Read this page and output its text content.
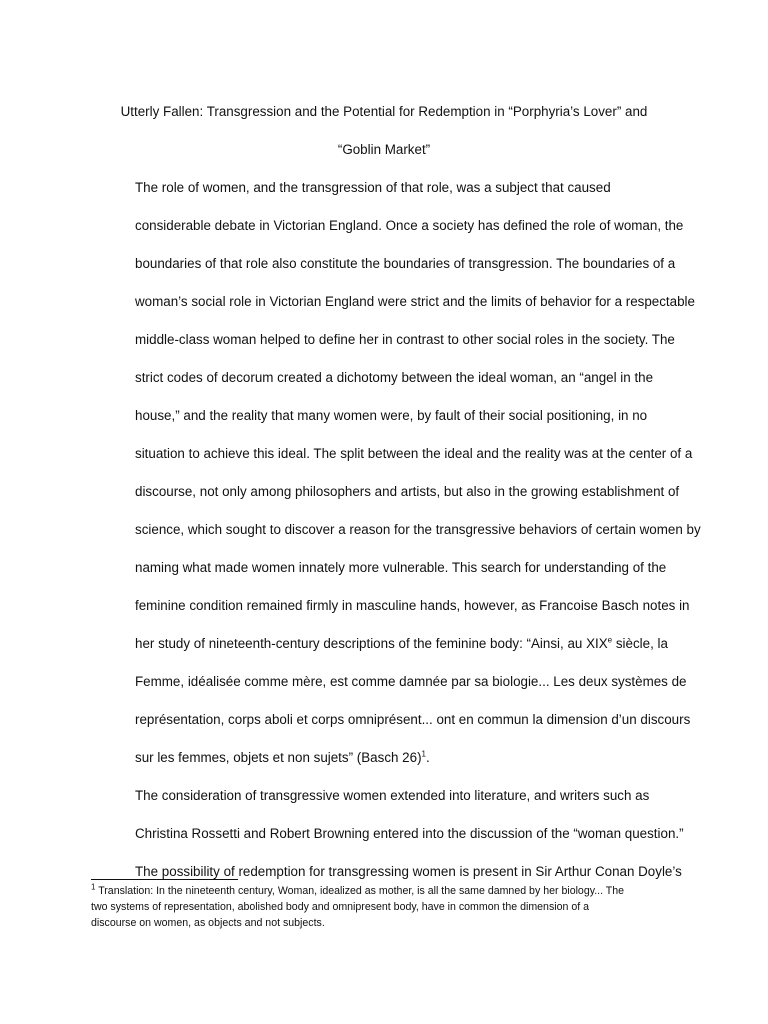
Utterly Fallen: Transgression and the Potential for Redemption in “Porphyria’s Lover” and
“Goblin Market”
The role of women, and the transgression of that role, was a subject that caused
considerable debate in Victorian England. Once a society has defined the role of woman, the
boundaries of that role also constitute the boundaries of transgression. The boundaries of a
woman’s social role in Victorian England were strict and the limits of behavior for a respectable
middle-class woman helped to define her in contrast to other social roles in the society. The
strict codes of decorum created a dichotomy between the ideal woman, an “angel in the
house,” and the reality that many women were, by fault of their social positioning, in no
situation to achieve this ideal. The split between the ideal and the reality was at the center of a
discourse, not only among philosophers and artists, but also in the growing establishment of
science, which sought to discover a reason for the transgressive behaviors of certain women by
naming what made women innately more vulnerable. This search for understanding of the
feminine condition remained firmly in masculine hands, however, as Francoise Basch notes in
her study of nineteenth-century descriptions of the feminine body: “Ainsi, au XIXe siècle, la
Femme, idéalisée comme mère, est comme damnée par sa biologie... Les deux systèmes de
représentation, corps aboli et corps omniprésent... ont en commun la dimension d’un discours
sur les femmes, objets et non sujets” (Basch 26)$^1$.
The consideration of transgressive women extended into literature, and writers such as
Christina Rossetti and Robert Browning entered into the discussion of the “woman question.”
The possibility of redemption for transgressing women is present in Sir Arthur Conan Doyle’s
$^1$ Translation: In the nineteenth century, Woman, idealized as mother, is all the same damned by her biology... The
two systems of representation, abolished body and omnipresent body, have in common the dimension of a
discourse on women, as objects and not subjects.
